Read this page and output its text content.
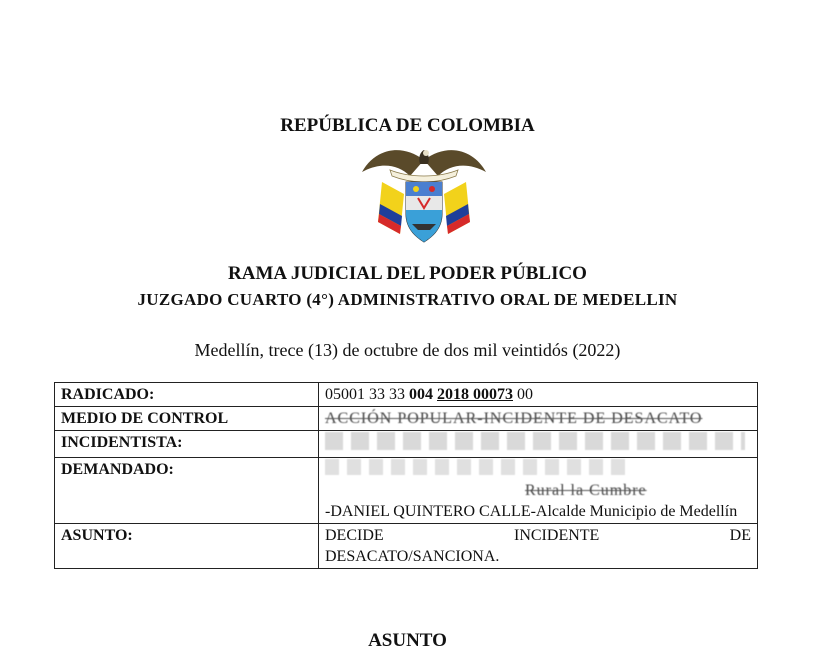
REPÚBLICA DE COLOMBIA
RAMA JUDICIAL DEL PODER PÚBLICO
JUZGADO CUARTO (4°) ADMINISTRATIVO ORAL DE MEDELLIN
Medellín, trece (13) de octubre de dos mil veintidós (2022)
RADICADO:	05001 33 33 004 2018 00073 00
MEDIO DE CONTROL	ACCIÓN POPULAR-INCIDENTE DE DESACATO
INCIDENTISTA:	
DEMANDADO:	Rural la Cumbre
-DANIEL QUINTERO CALLE-Alcalde Municipio de Medellín

ASUNTO:	DECIDE INCIDENTE DE
DESACATO/SANCIONA.
ASUNTO
